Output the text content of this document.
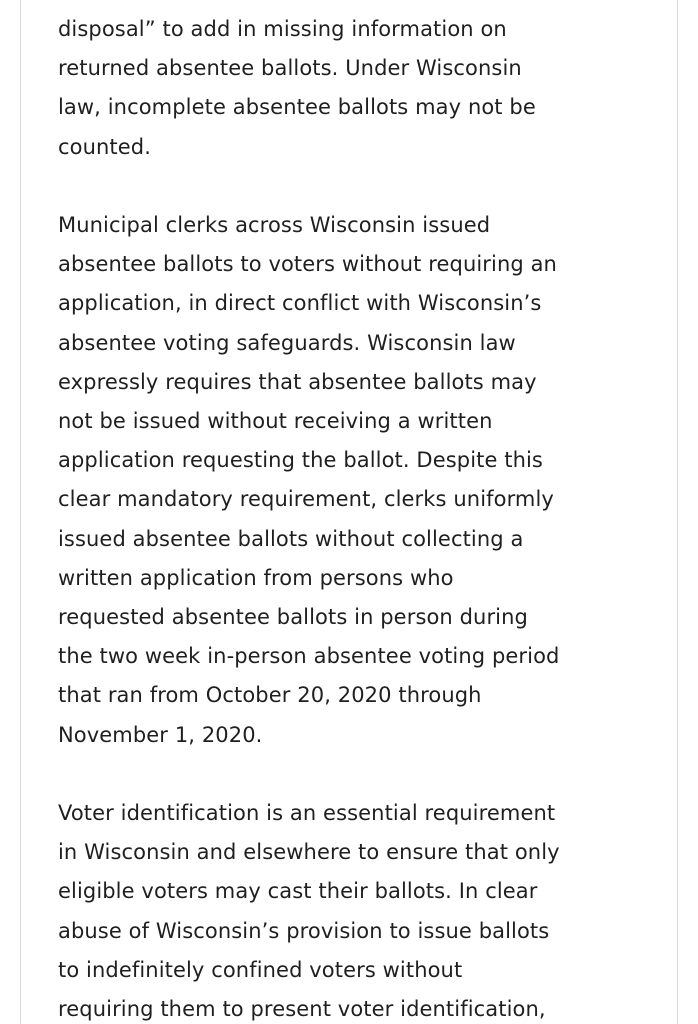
disposal” to add in missing information on
returned absentee ballots. Under Wisconsin
law, incomplete absentee ballots may not be
counted.

Municipal clerks across Wisconsin issued
absentee ballots to voters without requiring an
application, in direct conflict with Wisconsin’s
absentee voting safeguards. Wisconsin law
expressly requires that absentee ballots may
not be issued without receiving a written
application requesting the ballot. Despite this
clear mandatory requirement, clerks uniformly
issued absentee ballots without collecting a
written application from persons who
requested absentee ballots in person during
the two week in-person absentee voting period
that ran from October 20, 2020 through
November 1, 2020.

Voter identification is an essential requirement
in Wisconsin and elsewhere to ensure that only
eligible voters may cast their ballots. In clear
abuse of Wisconsin’s provision to issue ballots
to indefinitely confined voters without
requiring them to present voter identification,
